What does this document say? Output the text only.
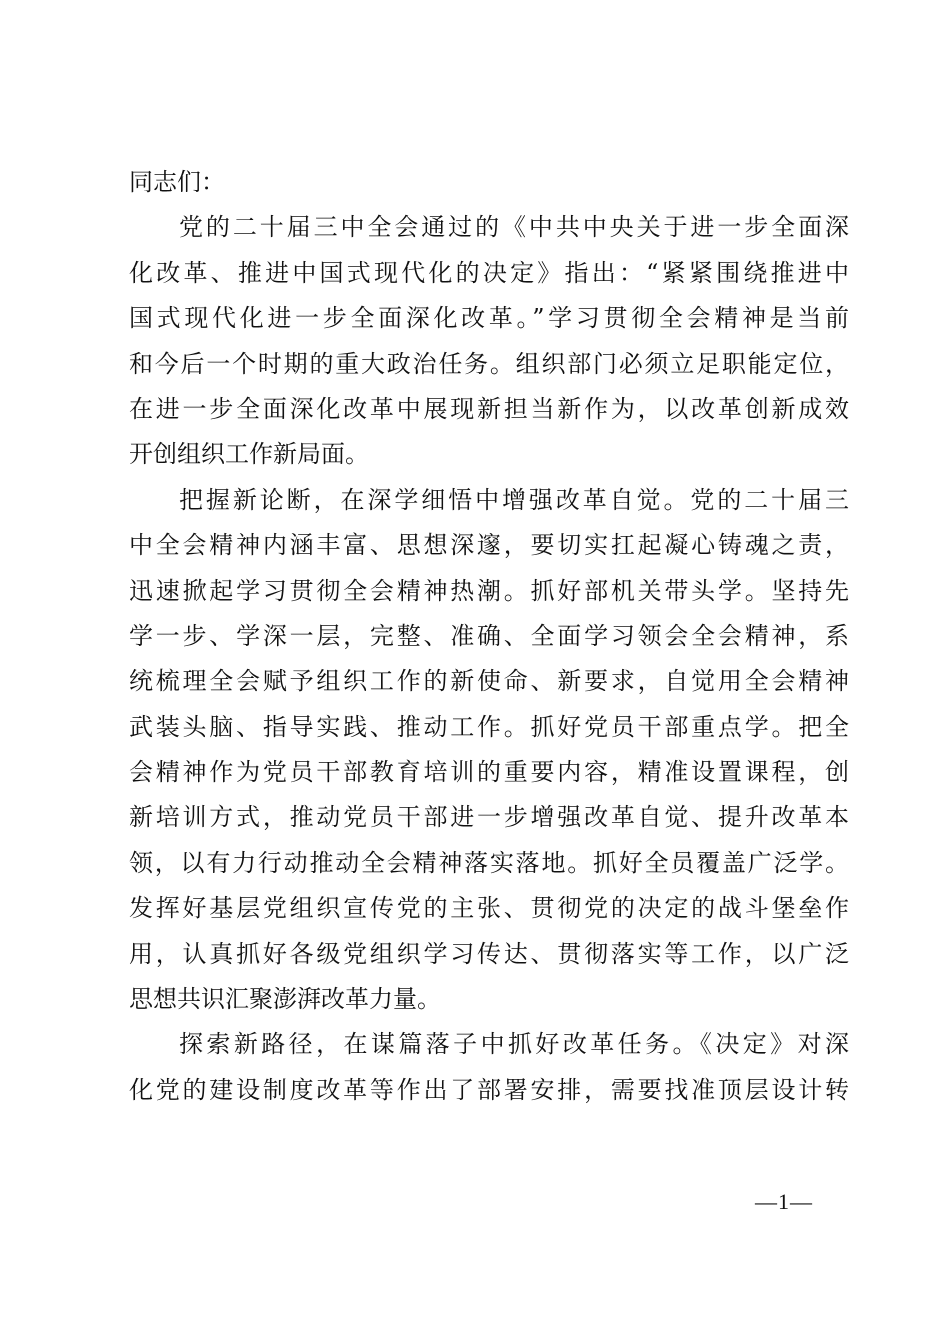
同志们：
党的二十届三中全会通过的《中共中央关于进一步全面深
化改革、推进中国式现代化的决定》指出：“紧紧围绕推进中
国式现代化进一步全面深化改革。”学习贯彻全会精神是当前
和今后一个时期的重大政治任务。组织部门必须立足职能定位，
在进一步全面深化改革中展现新担当新作为，以改革创新成效
开创组织工作新局面。
把握新论断，在深学细悟中增强改革自觉。党的二十届三
中全会精神内涵丰富、思想深邃，要切实扛起凝心铸魂之责，
迅速掀起学习贯彻全会精神热潮。抓好部机关带头学。坚持先
学一步、学深一层，完整、准确、全面学习领会全会精神，系
统梳理全会赋予组织工作的新使命、新要求，自觉用全会精神
武装头脑、指导实践、推动工作。抓好党员干部重点学。把全
会精神作为党员干部教育培训的重要内容，精准设置课程，创
新培训方式，推动党员干部进一步增强改革自觉、提升改革本
领，以有力行动推动全会精神落实落地。抓好全员覆盖广泛学。
发挥好基层党组织宣传党的主张、贯彻党的决定的战斗堡垒作
用，认真抓好各级党组织学习传达、贯彻落实等工作，以广泛
思想共识汇聚澎湃改革力量。
探索新路径，在谋篇落子中抓好改革任务。《决定》对深
化党的建设制度改革等作出了部署安排，需要找准顶层设计转
—1—
